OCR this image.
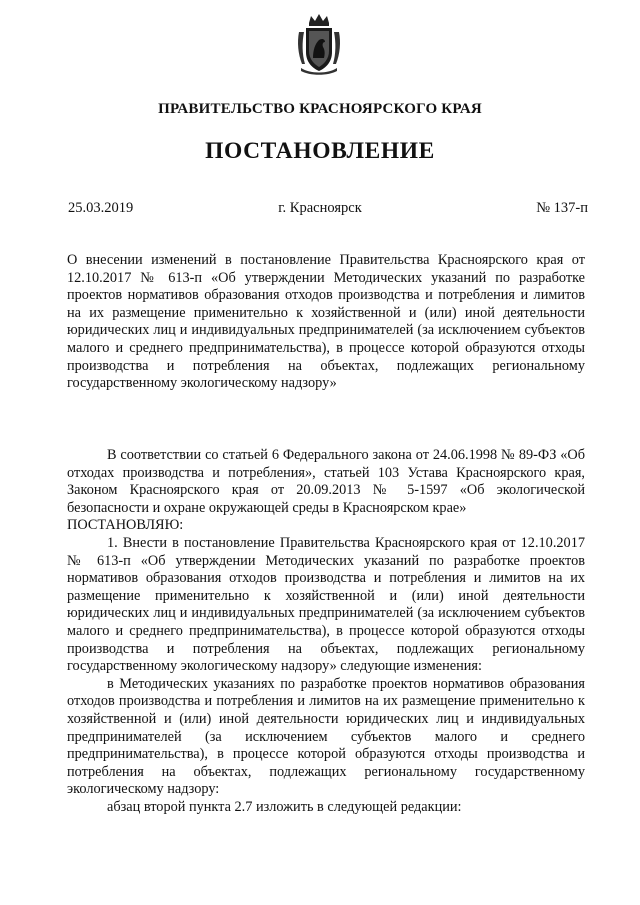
ПРАВИТЕЛЬСТВО КРАСНОЯРСКОГО КРАЯ
ПОСТАНОВЛЕНИЕ
25.03.2019	г. Красноярск	№ 137-п
О внесении изменений в постановление Правительства Красноярского края от 12.10.2017 № 613-п «Об утверждении Методических указаний по разработке проектов нормативов образования отходов производства и потребления и лимитов на их размещение применительно к хозяйственной и (или) иной деятельности юридических лиц и индивидуальных предпринимателей (за исключением субъектов малого и среднего предпринимательства), в процессе которой образуются отходы производства и потребления на объектах, подлежащих региональному государственному экологическому надзору»

В соответствии со статьей 6 Федерального закона от 24.06.1998 № 89-ФЗ «Об отходах производства и потребления», статьей 103 Устава Красноярского края, Законом Красноярского края от 20.09.2013 № 5-1597 «Об экологической безопасности и охране окружающей среды в Красноярском крае»

ПОСТАНОВЛЯЮ:

1. Внести в постановление Правительства Красноярского края от 12.10.2017 № 613-п «Об утверждении Методических указаний по разработке проектов нормативов образования отходов производства и потребления и лимитов на их размещение применительно к хозяйственной и (или) иной деятельности юридических лиц и индивидуальных предпринимателей (за исключением субъектов малого и среднего предпринимательства), в процессе которой образуются отходы производства и потребления на объектах, подлежащих региональному государственному экологическому надзору» следующие изменения:

в Методических указаниях по разработке проектов нормативов образования отходов производства и потребления и лимитов на их размещение применительно к хозяйственной и (или) иной деятельности юридических лиц и индивидуальных предпринимателей (за исключением субъектов малого и среднего предпринимательства), в процессе которой образуются отходы производства и потребления на объектах, подлежащих региональному государственному экологическому надзору:

абзац второй пункта 2.7 изложить в следующей редакции:
